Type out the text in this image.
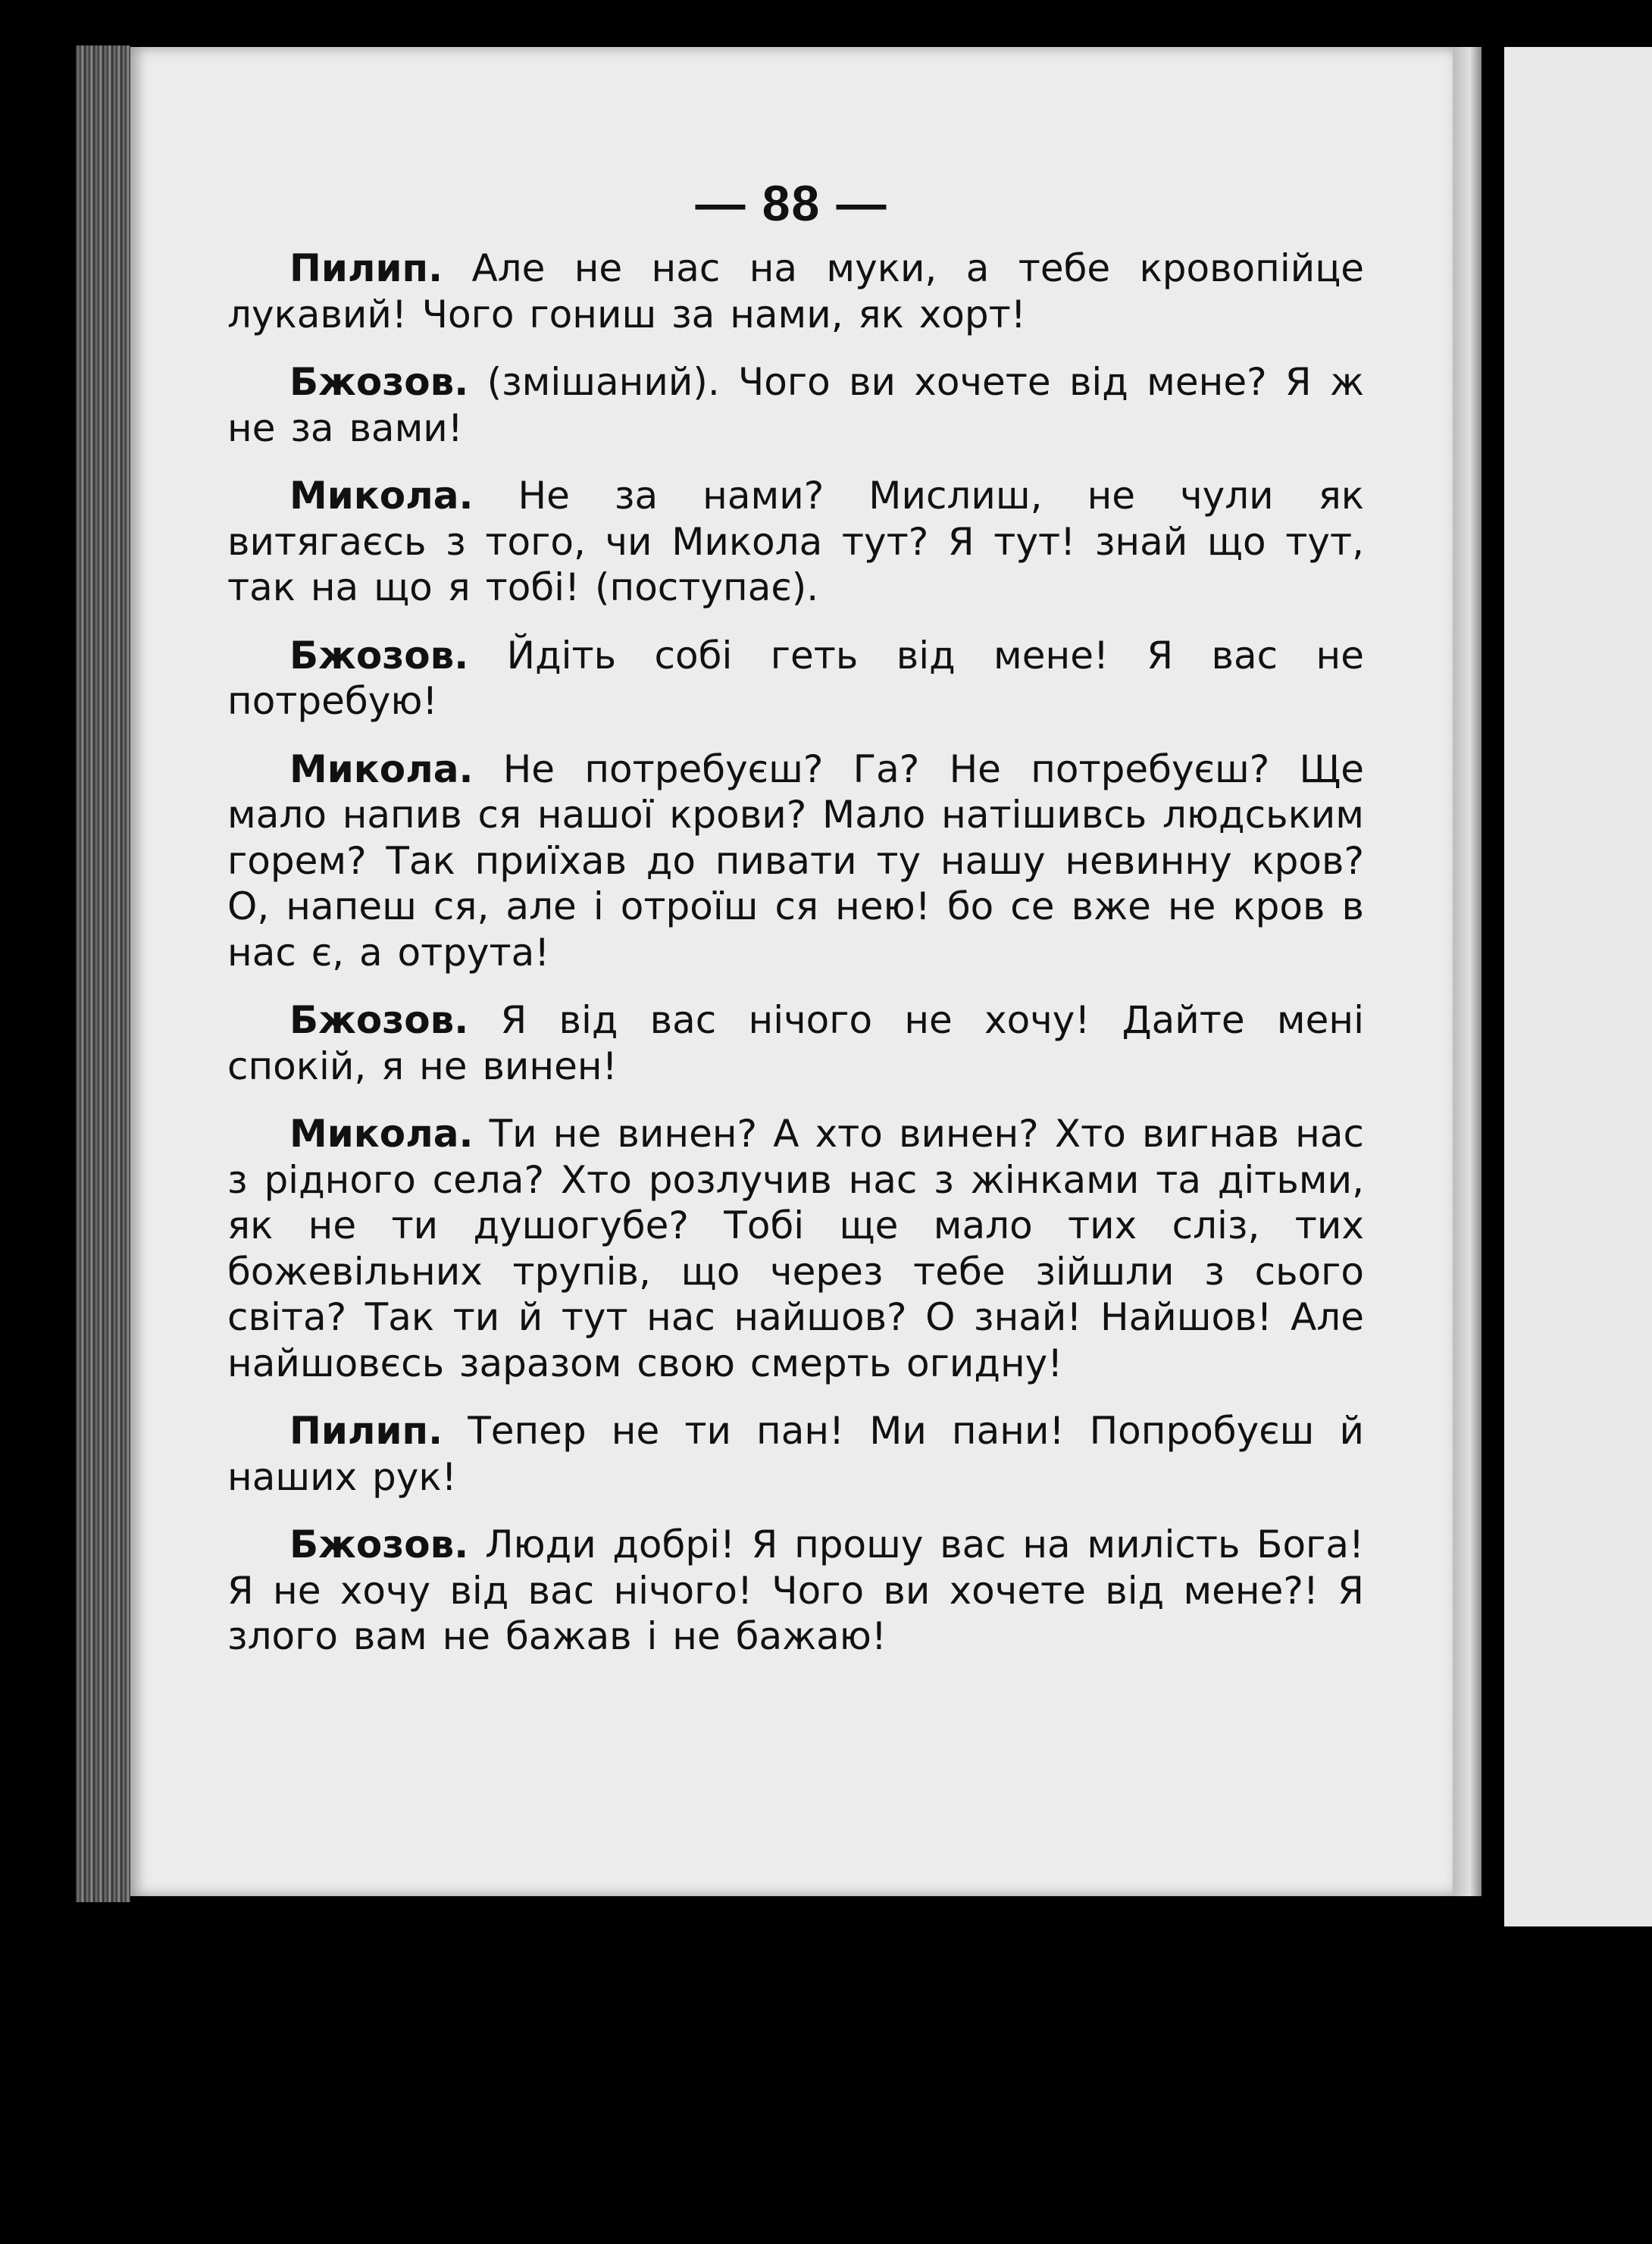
— 88 —

Пилип. Але не нас на муки, а тебе кровопійце лукавий! Чого гониш за нами, як хорт!

Бжозов. (змішаний). Чого ви хочете від мене? Я ж не за вами!

Микола. Не за нами? Мислиш, не чули як витягаєсь з того, чи Микола тут? Я тут! знай що тут, так на що я тобі! (поступає).

Бжозов. Йдіть собі геть від мене! Я вас не потребую!

Микола. Не потребуєш? Га? Не потребуєш? Ще мало напив ся нашої крови? Мало натішивсь людським горем? Так приїхав до пивати ту нашу невинну кров? О, напеш ся, але і отроїш ся нею! бо се вже не кров в нас є, а отрута!

Бжозов. Я від вас нічого не хочу! Дайте мені спокій, я не винен!

Микола. Ти не винен? А хто винен? Хто вигнав нас з рідного села? Хто розлучив нас з жінками та дітьми, як не ти душогубе? Тобі ще мало тих сліз, тих божевільних трупів, що через тебе зійшли з сього світа? Так ти й тут нас найшов? О знай! Найшов! Але найшовєсь заразом свою смерть огидну!

Пилип. Тепер не ти пан! Ми пани! Попробуєш й наших рук!

Бжозов. Люди добрі! Я прошу вас на милість Бога! Я не хочу від вас нічого! Чого ви хочете від мене?! Я злого вам не бажав і не бажаю!
